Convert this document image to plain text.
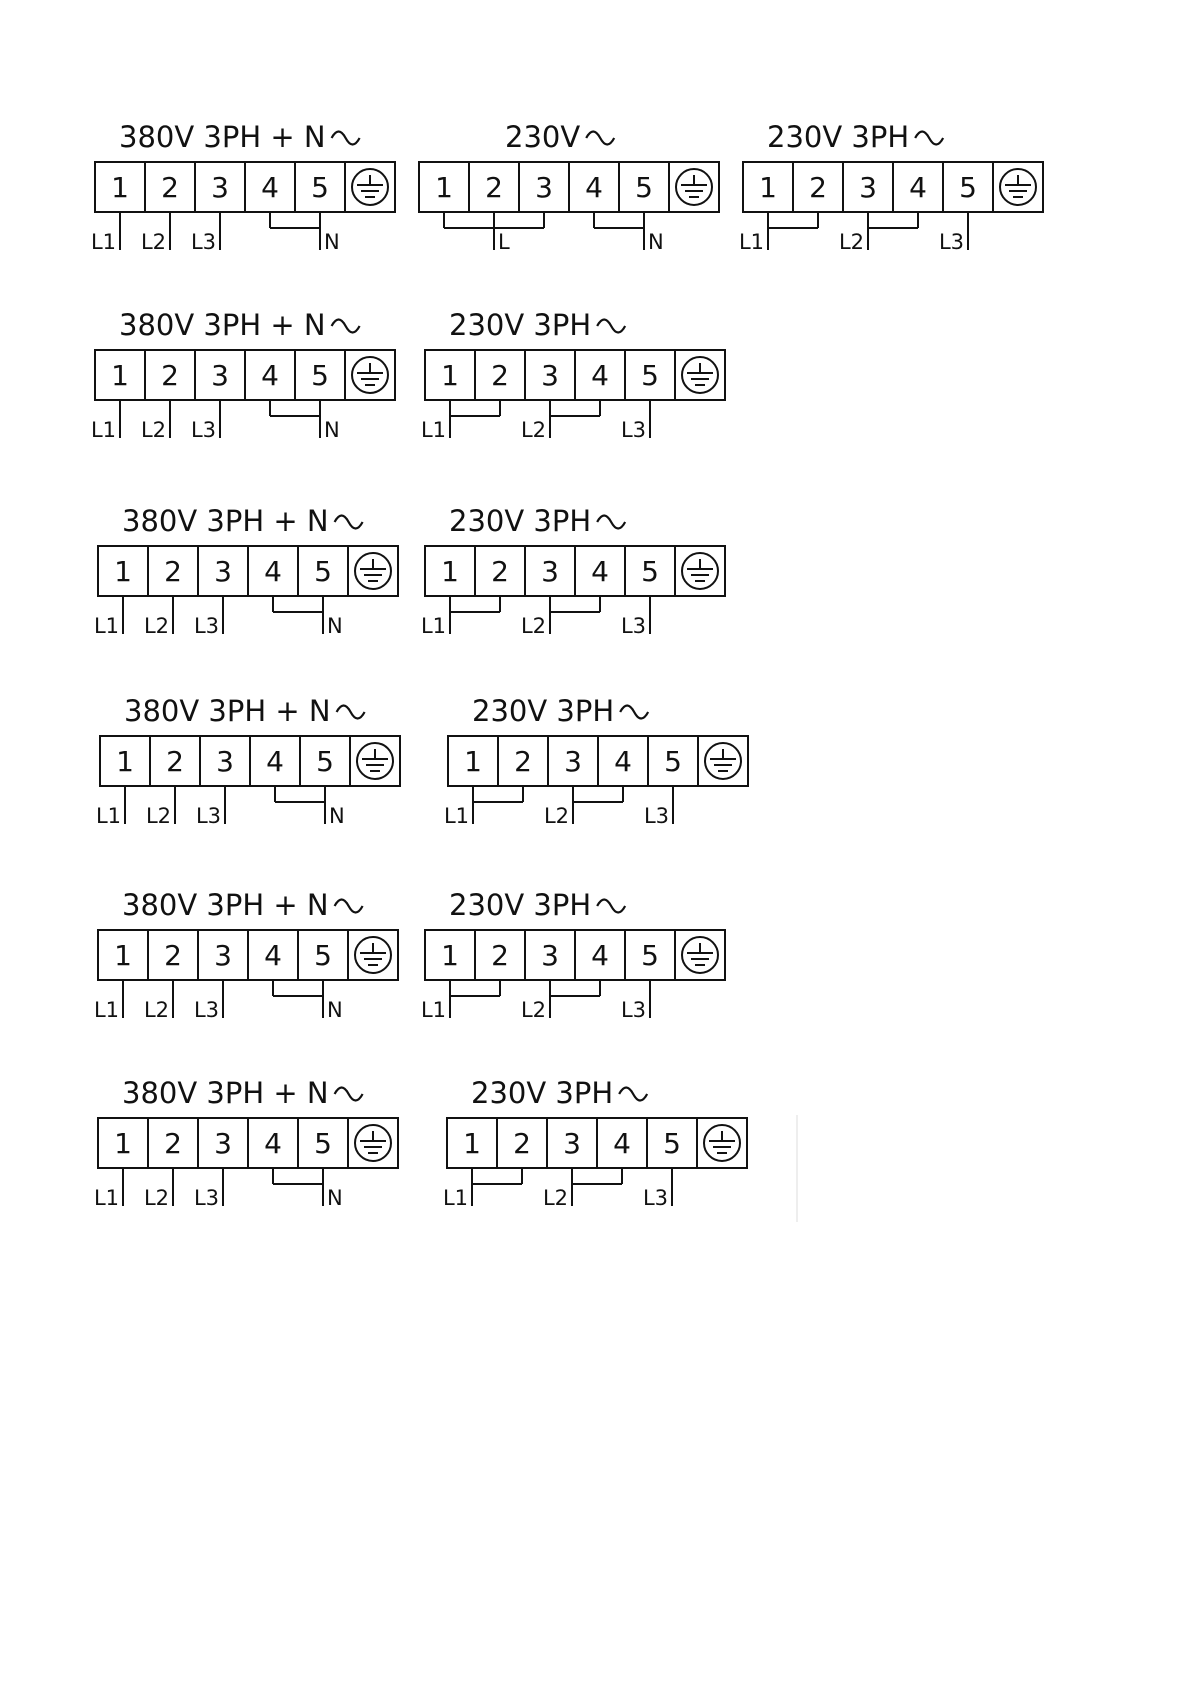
380V 3PH + N
1 2 3 4 5
L1 L2 L3	N
230V
1 2 3 4 5
L	N
230V 3PH
1 2 3 4 5
L1	L2	L3
380V 3PH + N
1 2 3 4 5
L1 L2 L3	N
230V 3PH
1 2 3 4 5
L1	L2	L3
380V 3PH + N
1 2 3 4 5
L1 L2 L3	N
230V 3PH
1 2 3 4 5
L1	L2	L3
380V 3PH + N
1 2 3 4 5
L1 L2 L3	N
230V 3PH
1 2 3 4 5
L1	L2	L3
380V 3PH + N
1 2 3 4 5
L1 L2 L3	N
230V 3PH
1 2 3 4 5
L1	L2	L3
380V 3PH + N
1 2 3 4 5
L1 L2 L3	N
230V 3PH
1 2 3 4 5
L1	L2	L3
